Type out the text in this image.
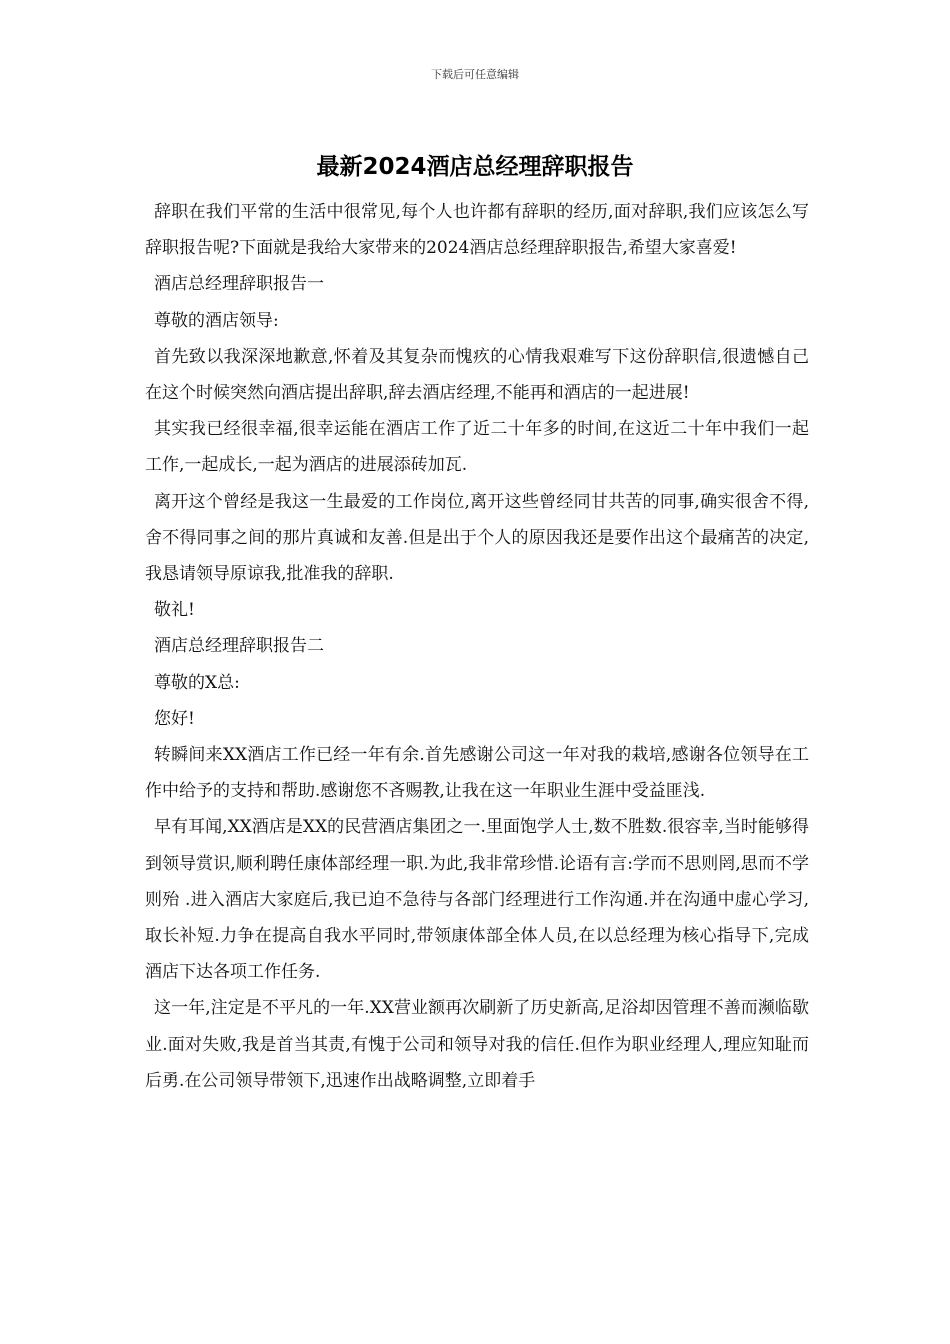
下载后可任意编辑
最新2024酒店总经理辞职报告

辞职在我们平常的生活中很常见,每个人也许都有辞职的经历,面对辞职,我们应该怎么写辞职报告呢?下面就是我给大家带来的2024酒店总经理辞职报告,希望大家喜爱!

酒店总经理辞职报告一

尊敬的酒店领导:

首先致以我深深地歉意,怀着及其复杂而愧疚的心情我艰难写下这份辞职信,很遗憾自己在这个时候突然向酒店提出辞职,辞去酒店经理,不能再和酒店的一起进展!

其实我已经很幸福,很幸运能在酒店工作了近二十年多的时间,在这近二十年中我们一起工作,一起成长,一起为酒店的进展添砖加瓦.

离开这个曾经是我这一生最爱的工作岗位,离开这些曾经同甘共苦的同事,确实很舍不得,舍不得同事之间的那片真诚和友善.但是出于个人的原因我还是要作出这个最痛苦的决定,我恳请领导原谅我,批准我的辞职.

敬礼!

酒店总经理辞职报告二

尊敬的X总:

您好!

转瞬间来XX酒店工作已经一年有余.首先感谢公司这一年对我的栽培,感谢各位领导在工作中给予的支持和帮助.感谢您不吝赐教,让我在这一年职业生涯中受益匪浅.

早有耳闻,XX酒店是XX的民营酒店集团之一.里面饱学人士,数不胜数.很容幸,当时能够得到领导赏识,顺利聘任康体部经理一职.为此,我非常珍惜.论语有言:学而不思则罔,思而不学则殆 .进入酒店大家庭后,我已迫不急待与各部门经理进行工作沟通.并在沟通中虚心学习,取长补短.力争在提高自我水平同时,带领康体部全体人员,在以总经理为核心指导下,完成酒店下达各项工作任务.

这一年,注定是不平凡的一年.XX营业额再次刷新了历史新高,足浴却因管理不善而濒临歇业.面对失败,我是首当其责,有愧于公司和领导对我的信任.但作为职业经理人,理应知耻而后勇.在公司领导带领下,迅速作出战略调整,立即着手
